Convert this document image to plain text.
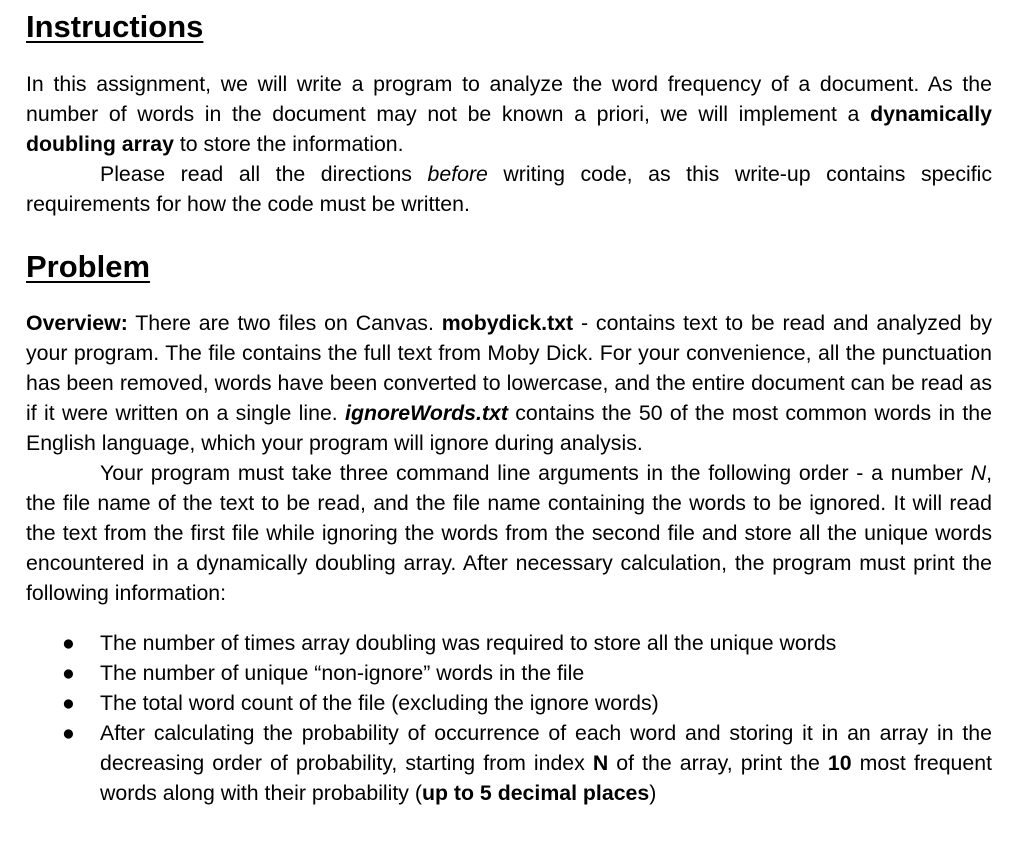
Instructions

In this assignment, we will write a program to analyze the word frequency of a document. As the number of words in the document may not be known a priori, we will implement a dynamically doubling array to store the information.

Please read all the directions before writing code, as this write-up contains specific requirements for how the code must be written.

Problem

Overview: There are two files on Canvas. mobydick.txt - contains text to be read and analyzed by your program. The file contains the full text from Moby Dick. For your convenience, all the punctuation has been removed, words have been converted to lowercase, and the entire document can be read as if it were written on a single line. ignoreWords.txt contains the 50 of the most common words in the English language, which your program will ignore during analysis.

Your program must take three command line arguments in the following order - a number N, the file name of the text to be read, and the file name containing the words to be ignored. It will read the text from the first file while ignoring the words from the second file and store all the unique words encountered in a dynamically doubling array. After necessary calculation, the program must print the following information:

● The number of times array doubling was required to store all the unique words
● The number of unique “non-ignore” words in the file
● The total word count of the file (excluding the ignore words)
● After calculating the probability of occurrence of each word and storing it in an array in the decreasing order of probability, starting from index N of the array, print the 10 most frequent words along with their probability (up to 5 decimal places)
